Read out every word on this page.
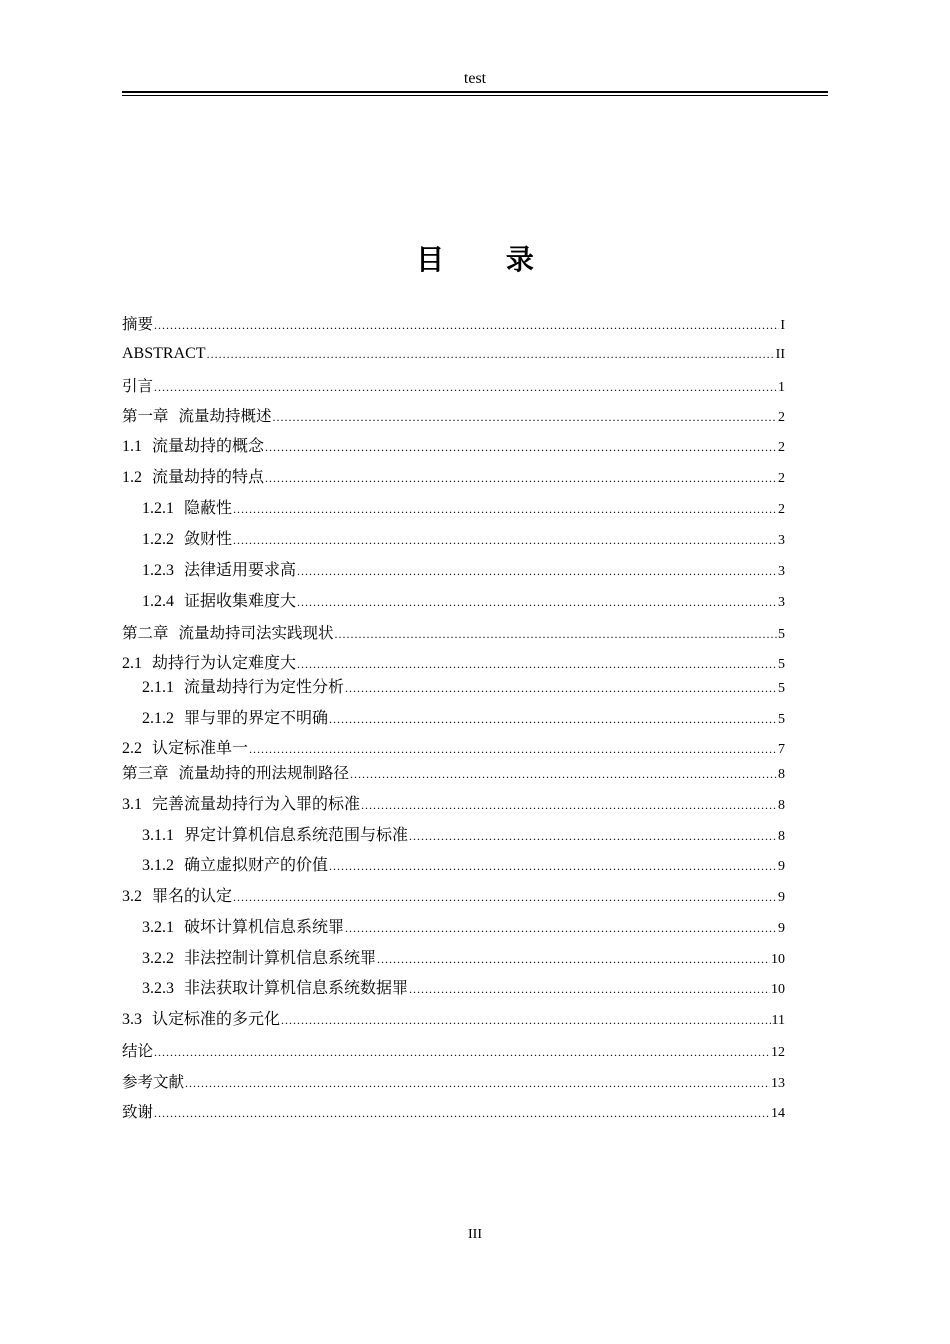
test
目 录
摘要 .....	I
ABSTRACT .....	II
引言 .....	1
第一章 流量劫持概述 .....	2
1.1 流量劫持的概念 .....	2
1.2 流量劫持的特点 .....	2
1.2.1 隐蔽性 .....	2
1.2.2 敛财性 .....	3
1.2.3 法律适用要求高 .....	3
1.2.4 证据收集难度大 .....	3
第二章 流量劫持司法实践现状 .....	5
2.1 劫持行为认定难度大 .....	5
2.1.1 流量劫持行为定性分析 .....	5
2.1.2 罪与罪的界定不明确 .....	5
2.2 认定标准单一 .....	7
第三章 流量劫持的刑法规制路径 .....	8
3.1 完善流量劫持行为入罪的标准 .....	8
3.1.1 界定计算机信息系统范围与标准 .....	8
3.1.2 确立虚拟财产的价值 .....	9
3.2 罪名的认定 .....	9
3.2.1 破坏计算机信息系统罪 .....	9
3.2.2 非法控制计算机信息系统罪 .....	10
3.2.3 非法获取计算机信息系统数据罪 .....	10
3.3 认定标准的多元化 .....	11
结论 .....	12
参考文献 .....	13
致谢 .....	14
III
